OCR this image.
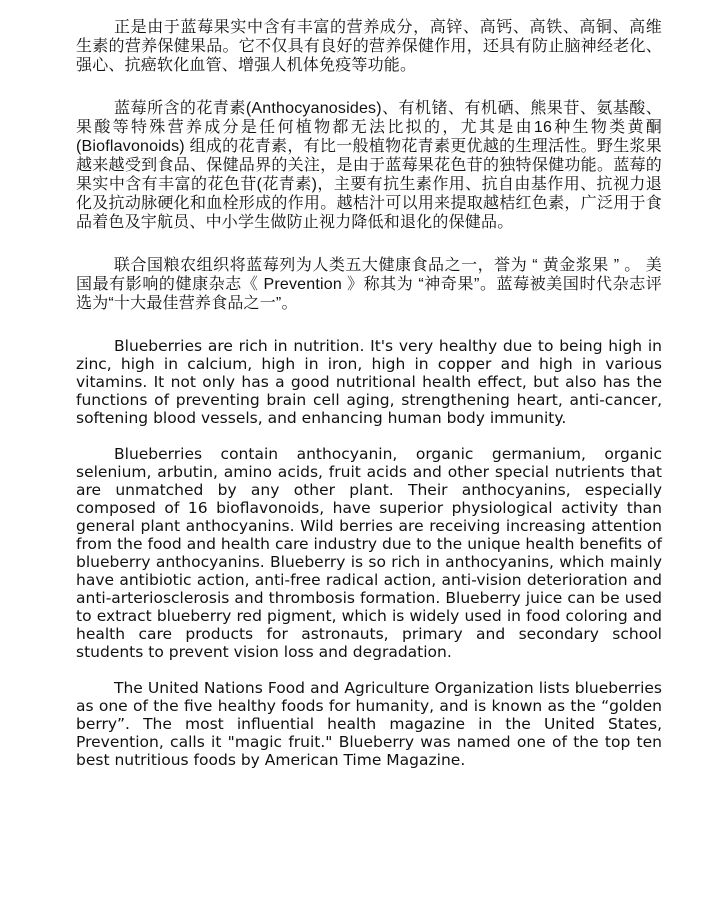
正是由于蓝莓果实中含有丰富的营养成分，高锌、高钙、高铁、高铜、高维生素的营养保健果品。它不仅具有良好的营养保健作用，还具有防止脑神经老化、强心、抗癌软化血管、增强人机体免疫等功能。

蓝莓所含的花青素(Anthocyanosides)、有机锗、有机硒、熊果苷、氨基酸、果酸等特殊营养成分是任何植物都无法比拟的，尤其是由16种生物类黄酮 (Bioflavonoids) 组成的花青素，有比一般植物花青素更优越的生理活性。野生浆果越来越受到食品、保健品界的关注，是由于蓝莓果花色苷的独特保健功能。蓝莓的果实中含有丰富的花色苷(花青素)，主要有抗生素作用、抗自由基作用、抗视力退化及抗动脉硬化和血栓形成的作用。越桔汁可以用来提取越桔红色素，广泛用于食品着色及宇航员、中小学生做防止视力降低和退化的保健品。

联合国粮农组织将蓝莓列为人类五大健康食品之一，誉为 “ 黄金浆果 ” 。 美国最有影响的健康杂志《 Prevention 》称其为 “神奇果”。蓝莓被美国时代杂志评选为“十大最佳营养食品之一”。

Blueberries are rich in nutrition. It's very healthy due to being high in zinc, high in calcium, high in iron, high in copper and high in various vitamins. It not only has a good nutritional health effect, but also has the functions of preventing brain cell aging, strengthening heart, anti-cancer, softening blood vessels, and enhancing human body immunity.

Blueberries contain anthocyanin, organic germanium, organic selenium, arbutin, amino acids, fruit acids and other special nutrients that are unmatched by any other plant. Their anthocyanins, especially composed of 16 bioflavonoids, have superior physiological activity than general plant anthocyanins. Wild berries are receiving increasing attention from the food and health care industry due to the unique health benefits of blueberry anthocyanins. Blueberry is so rich in anthocyanins, which mainly have antibiotic action, anti-free radical action, anti-vision deterioration and anti-arteriosclerosis and thrombosis formation. Blueberry juice can be used to extract blueberry red pigment, which is widely used in food coloring and health care products for astronauts, primary and secondary school students to prevent vision loss and degradation.

The United Nations Food and Agriculture Organization lists blueberries as one of the five healthy foods for humanity, and is known as the “golden berry”. The most influential health magazine in the United States, Prevention, calls it "magic fruit." Blueberry was named one of the top ten best nutritious foods by American Time Magazine.
